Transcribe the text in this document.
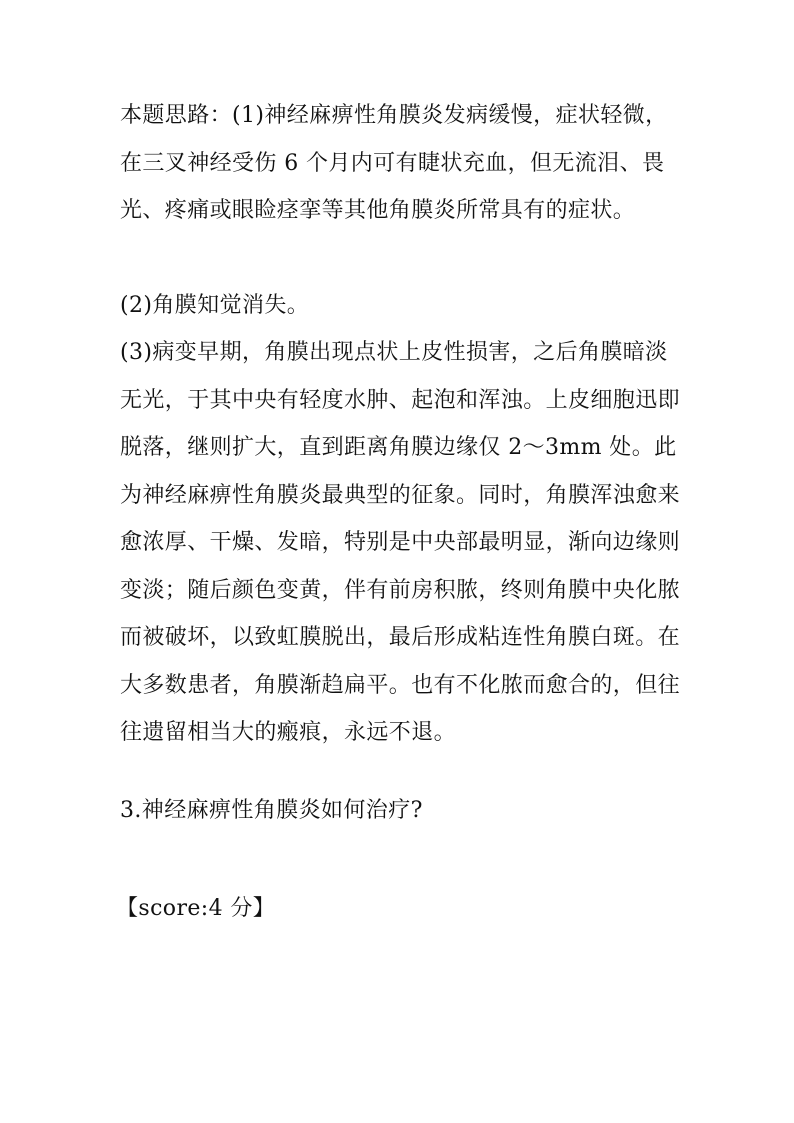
本题思路：(1)神经麻痹性角膜炎发病缓慢，症状轻微，在三叉神经受伤 6 个月内可有睫状充血，但无流泪、畏光、疼痛或眼睑痉挛等其他角膜炎所常具有的症状。

(2)角膜知觉消失。

(3)病变早期，角膜出现点状上皮性损害，之后角膜暗淡无光，于其中央有轻度水肿、起泡和浑浊。上皮细胞迅即脱落，继则扩大，直到距离角膜边缘仅 2～3mm 处。此为神经麻痹性角膜炎最典型的征象。同时，角膜浑浊愈来愈浓厚、干燥、发暗，特别是中央部最明显，渐向边缘则变淡；随后颜色变黄，伴有前房积脓，终则角膜中央化脓而被破坏，以致虹膜脱出，最后形成粘连性角膜白斑。在大多数患者，角膜渐趋扁平。也有不化脓而愈合的，但往往遗留相当大的瘢痕，永远不退。

3.神经麻痹性角膜炎如何治疗?

【score:4 分】
